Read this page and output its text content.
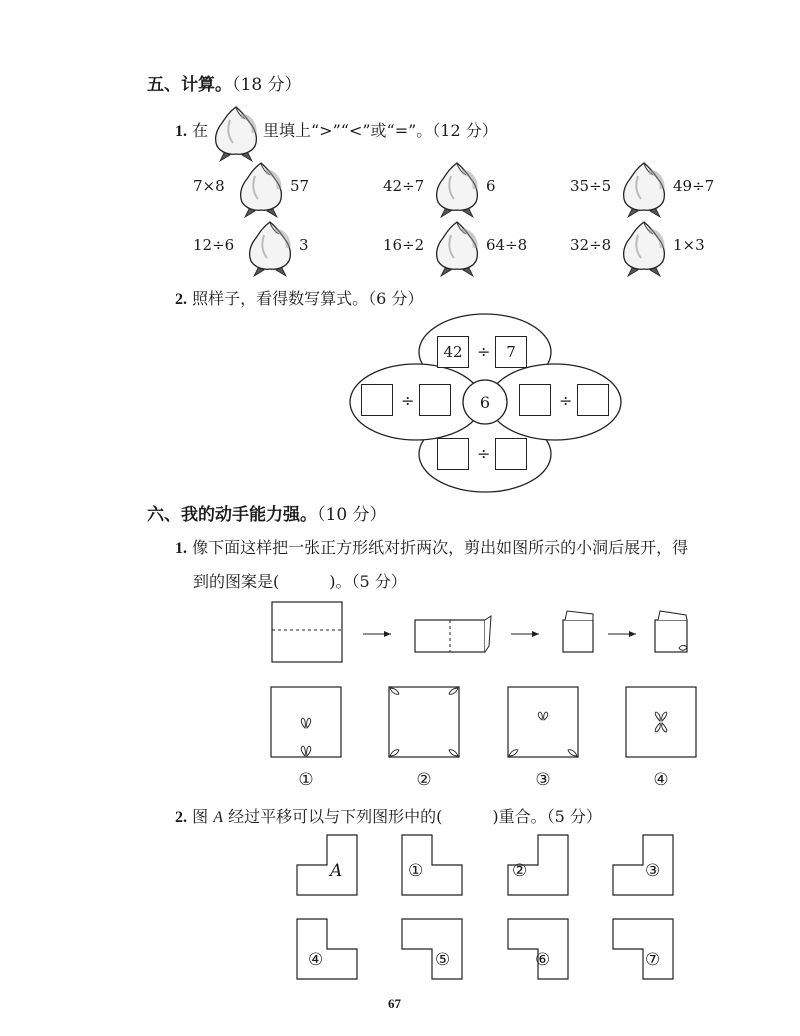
五、计算。（18 分）
1. 在	里填上“>”“<”或“=”。（12 分）
7×8	57	42÷7	6	35÷5	49÷7
12÷6	3	16÷2	64÷8	32÷8	1×3
2. 照样子，看得数写算式。（6 分）
42 ÷	7
÷	6	÷
÷
六、我的动手能力强。（10 分）
1. 像下面这样把一张正方形纸对折两次，剪出如图所示的小洞后展开，得
到的图案是(	)。（5 分）
①	②	③	④
2. 图 A 经过平移可以与下列图形中的(	)重合。（5 分）
A	①	②	③
④	⑤	⑥	⑦
67
